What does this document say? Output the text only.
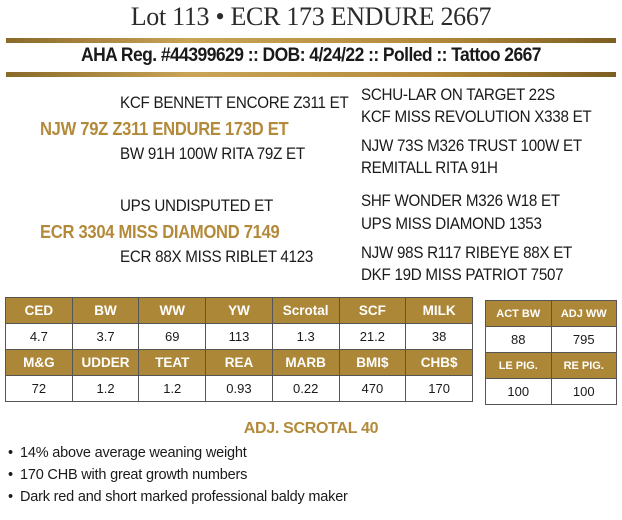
Lot 113 • ECR 173 ENDURE 2667
AHA Reg. #44399629 :: DOB: 4/24/22 :: Polled :: Tattoo 2667
KCF BENNETT ENCORE Z311 ET
NJW 79Z Z311 ENDURE 173D ET
BW 91H 100W RITA 79Z ET
SCHU-LAR ON TARGET 22S
KCF MISS REVOLUTION X338 ET
NJW 73S M326 TRUST 100W ET
REMITALL RITA 91H
UPS UNDISPUTED ET
ECR 3304 MISS DIAMOND 7149
ECR 88X MISS RIBLET 4123
SHF WONDER M326 W18 ET
UPS MISS DIAMOND 1353
NJW 98S R117 RIBEYE 88X ET
DKF 19D MISS PATRIOT 7507
CED	BW	WW	YW	Scrotal	SCF	MILK
4.7	3.7	69	113	1.3	21.2	38
M&G	UDDER	TEAT	REA	MARB	BMI$	CHB$
72	1.2	1.2	0.93	0.22	470	170
ACT BW	ADJ WW
88	795
LE PIG.	RE PIG.
100	100
ADJ. SCROTAL 40
• 14% above average weaning weight
• 170 CHB with great growth numbers
• Dark red and short marked professional baldy maker
